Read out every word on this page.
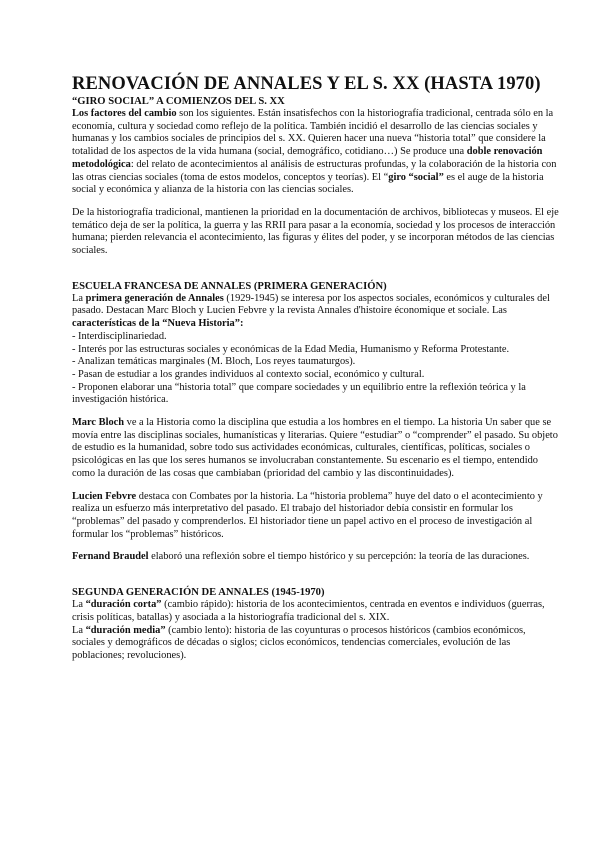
RENOVACIÓN DE ANNALES Y EL S. XX (HASTA 1970)
“GIRO SOCIAL” A COMIENZOS DEL S. XX

Los factores del cambio son los siguientes. Están insatisfechos con la historiografía tradicional, centrada sólo en la economía, cultura y sociedad como reflejo de la política. También incidió el desarrollo de las ciencias sociales y humanas y los cambios sociales de principios del s. XX. Quieren hacer una nueva “historia total” que considere la totalidad de los aspectos de la vida humana (social, demográfico, cotidiano…) Se produce una doble renovación metodológica: del relato de acontecimientos al análisis de estructuras profundas, y la colaboración de la historia con las otras ciencias sociales (toma de estos modelos, conceptos y teorías). El “giro “social” es el auge de la historia social y económica y alianza de la historia con las ciencias sociales.

De la historiografía tradicional, mantienen la prioridad en la documentación de archivos, bibliotecas y museos. El eje temático deja de ser la política, la guerra y las RRII para pasar a la economía, sociedad y los procesos de interacción humana; pierden relevancia el acontecimiento, las figuras y élites del poder, y se incorporan métodos de las ciencias sociales.

ESCUELA FRANCESA DE ANNALES (PRIMERA GENERACIÓN)

La primera generación de Annales (1929-1945) se interesa por los aspectos sociales, económicos y culturales del pasado. Destacan Marc Bloch y Lucien Febvre y la revista Annales d'histoire économique et sociale. Las características de la “Nueva Historia”:

- Interdisciplinariedad.
- Interés por las estructuras sociales y económicas de la Edad Media, Humanismo y Reforma Protestante.
- Analizan temáticas marginales (M. Bloch, Los reyes taumaturgos).
- Pasan de estudiar a los grandes individuos al contexto social, económico y cultural.
- Proponen elaborar una “historia total” que compare sociedades y un equilibrio entre la reflexión teórica y la investigación histórica.

Marc Bloch ve a la Historia como la disciplina que estudia a los hombres en el tiempo. La historia Un saber que se movía entre las disciplinas sociales, humanísticas y literarias. Quiere “estudiar” o “comprender” el pasado. Su objeto de estudio es la humanidad, sobre todo sus actividades económicas, culturales, científicas, políticas, sociales o psicológicas en las que los seres humanos se involucraban constantemente. Su escenario es el tiempo, entendido como la duración de las cosas que cambiaban (prioridad del cambio y las discontinuidades).

Lucien Febvre destaca con Combates por la historia. La “historia problema” huye del dato o el acontecimiento y realiza un esfuerzo más interpretativo del pasado. El trabajo del historiador debía consistir en formular los “problemas” del pasado y comprenderlos. El historiador tiene un papel activo en el proceso de investigación al formular los “problemas” históricos.

Fernand Braudel elaboró una reflexión sobre el tiempo histórico y su percepción: la teoría de las duraciones.

SEGUNDA GENERACIÓN DE ANNALES (1945-1970)

La “duración corta” (cambio rápido): historia de los acontecimientos, centrada en eventos e individuos (guerras, crisis políticas, batallas) y asociada a la historiografía tradicional del s. XIX.

La “duración media” (cambio lento): historia de las coyunturas o procesos históricos (cambios económicos, sociales y demográficos de décadas o siglos; ciclos económicos, tendencias comerciales, evolución de las poblaciones; revoluciones).
